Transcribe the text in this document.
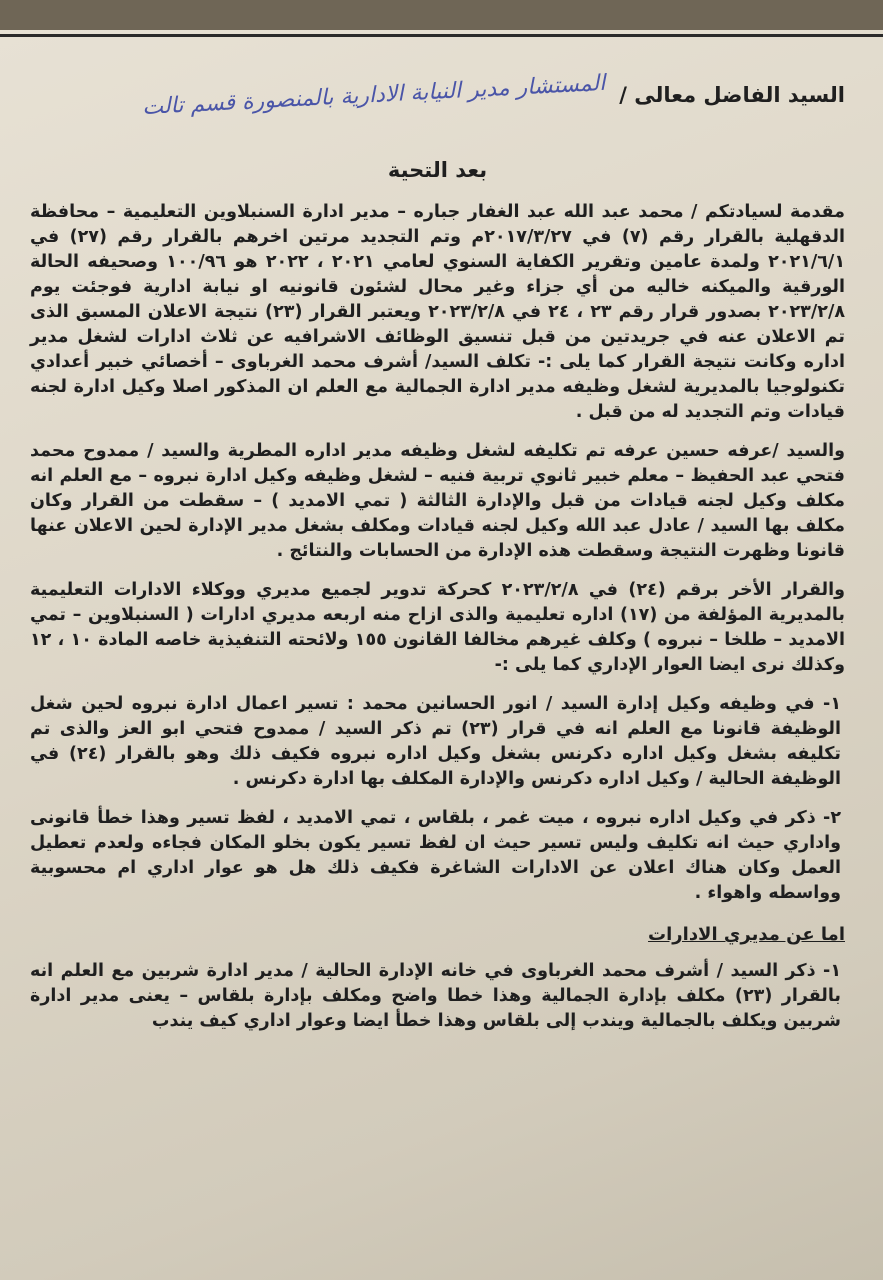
السيد الفاضل معالى /
المستشار مدير النيابة الادارية بالمنصورة قسم تالت
بعد التحية

مقدمة لسيادتكم / محمد عبد الله عبد الغفار جباره – مدير ادارة السنبلاوين التعليمية – محافظة الدقهلية بالقرار رقم (٧) في ٢٠١٧/٣/٢٧م وتم التجديد مرتين اخرهم بالقرار رقم (٢٧) في ٢٠٢١/٦/١ ولمدة عامين وتقرير الكفاية السنوي لعامي ٢٠٢١ ، ٢٠٢٢ هو ١٠٠/٩٦ وصحيفه الحالة الورقية والميكنه خاليه من أي جزاء وغير محال لشئون قانونيه او نيابة ادارية فوجئت يوم ٢٠٢٣/٢/٨ بصدور قرار رقم ٢٣ ، ٢٤ في ٢٠٢٣/٢/٨ ويعتبر القرار (٢٣) نتيجة الاعلان المسبق الذى تم الاعلان عنه في جريدتين من قبل تنسيق الوظائف الاشرافيه عن ثلاث ادارات لشغل مدير اداره وكانت نتيجة القرار كما يلى :- تكلف السيد/ أشرف محمد الغرباوى – أخصائي خبير أعدادي تكنولوجيا بالمديرية لشغل وظيفه مدير ادارة الجمالية مع العلم ان المذكور اصلا وكيل ادارة لجنه قيادات وتم التجديد له من قبل .

والسيد /عرفه حسين عرفه تم تكليفه لشغل وظيفه مدير اداره المطرية والسيد / ممدوح محمد فتحي عبد الحفيظ – معلم خبير ثانوي تربية فنيه – لشغل وظيفه وكيل ادارة نبروه – مع العلم انه مكلف وكيل لجنه قيادات من قبل والإدارة الثالثة ( تمي الامديد ) – سقطت من القرار وكان مكلف بها السيد / عادل عبد الله وكيل لجنه قيادات ومكلف بشغل مدير الإدارة لحين الاعلان عنها قانونا وظهرت النتيجة وسقطت هذه الإدارة من الحسابات والنتائج .

والقرار الأخر برقم (٢٤) في ٢٠٢٣/٢/٨ كحركة تدوير لجميع مديري ووكلاء الادارات التعليمية بالمديرية المؤلفة من (١٧) اداره تعليمية والذى ازاح منه اربعه مديري ادارات ( السنبلاوين – تمي الامديد – طلخا – نبروه ) وكلف غيرهم مخالفا القانون ١٥٥ ولائحته التنفيذية خاصه المادة ١٠ ، ١٢ وكذلك نرى ايضا العوار الإداري كما يلى :-

١- في وظيفه وكيل إدارة السيد / انور الحسانين محمد : تسير اعمال ادارة نبروه لحين شغل الوظيفة قانونا مع العلم انه في قرار (٢٣) تم ذكر السيد / ممدوح فتحي ابو العز والذى تم تكليفه بشغل وكيل اداره دكرنس بشغل وكيل اداره نبروه فكيف ذلك وهو بالقرار (٢٤) في الوظيفة الحالية / وكيل اداره دكرنس والإدارة المكلف بها ادارة دكرنس .

٢- ذكر في وكيل اداره نبروه ، ميت غمر ، بلقاس ، تمي الامديد ، لفظ تسير وهذا خطأ قانونى واداري حيث انه تكليف وليس تسير حيث ان لفظ تسير يكون بخلو المكان فجاءه ولعدم تعطيل العمل وكان هناك اعلان عن الادارات الشاغرة فكيف ذلك هل هو عوار اداري ام محسوبية وواسطه واهواء .

اما عن مديري الادارات

١- ذكر السيد / أشرف محمد الغرباوى في خانه الإدارة الحالية / مدير ادارة شربين مع العلم انه بالقرار (٢٣) مكلف بإدارة الجمالية وهذا خطا واضح ومكلف بإدارة بلقاس – يعنى مدير ادارة شربين ويكلف بالجمالية ويندب إلى بلقاس وهذا خطأ ايضا وعوار اداري كيف يندب
